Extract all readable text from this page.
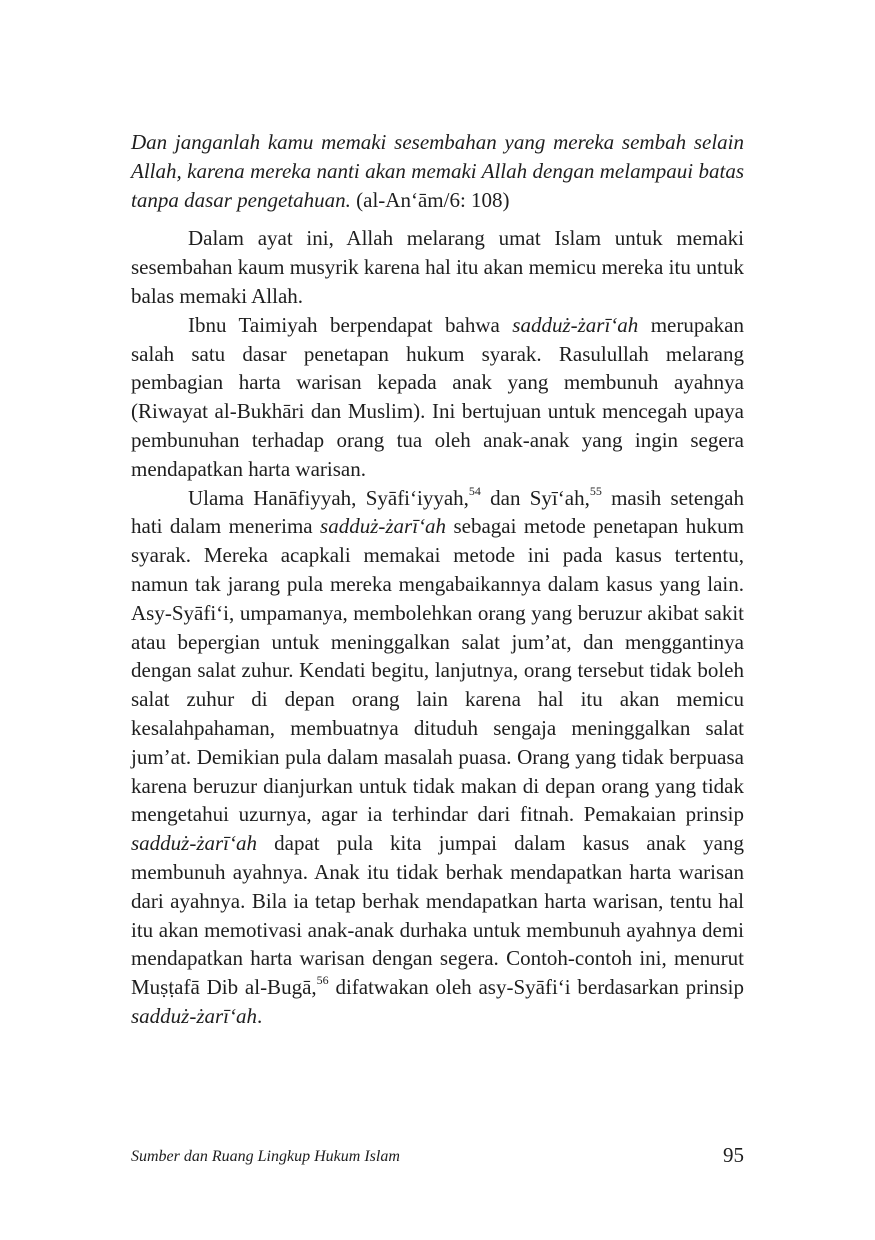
Dan janganlah kamu memaki sesembahan yang mereka sembah selain Allah, karena mereka nanti akan memaki Allah dengan melampaui batas tanpa dasar pengetahuan. (al-An‘ām/6: 108)

Dalam ayat ini, Allah melarang umat Islam untuk memaki sesembahan kaum musyrik karena hal itu akan memicu mereka itu untuk balas memaki Allah.

Ibnu Taimiyah berpendapat bahwa sadduż-żarī‘ah merupakan salah satu dasar penetapan hukum syarak. Rasulullah melarang pembagian harta warisan kepada anak yang membunuh ayahnya (Riwayat al-Bukhāri dan Muslim). Ini bertujuan untuk mencegah upaya pembunuhan terhadap orang tua oleh anak-anak yang ingin segera mendapatkan harta warisan.

Ulama Hanāfiyyah, Syāfi‘iyyah,$^{54}$ dan Syī‘ah,$^{55}$ masih setengah hati dalam menerima sadduż-żarī‘ah sebagai metode penetapan hukum syarak. Mereka acapkali memakai metode ini pada kasus tertentu, namun tak jarang pula mereka mengabaikannya dalam kasus yang lain. Asy-Syāfi‘i, umpamanya, membolehkan orang yang beruzur akibat sakit atau bepergian untuk meninggalkan salat jum’at, dan menggantinya dengan salat zuhur. Kendati begitu, lanjutnya, orang tersebut tidak boleh salat zuhur di depan orang lain karena hal itu akan memicu kesalahpahaman, membuatnya dituduh sengaja meninggalkan salat jum’at. Demikian pula dalam masalah puasa. Orang yang tidak berpuasa karena beruzur dianjurkan untuk tidak makan di depan orang yang tidak mengetahui uzurnya, agar ia terhindar dari fitnah. Pemakaian prinsip sadduż-żarī‘ah dapat pula kita jumpai dalam kasus anak yang membunuh ayahnya. Anak itu tidak berhak mendapatkan harta warisan dari ayahnya. Bila ia tetap berhak mendapatkan harta warisan, tentu hal itu akan memotivasi anak-anak durhaka untuk membunuh ayahnya demi mendapatkan harta warisan dengan segera. Contoh-contoh ini, menurut Muṣṭafā Dib al-Bugā,$^{56}$ difatwakan oleh asy-Syāfi‘i berdasarkan prinsip sadduż-żarī‘ah.

Sumber dan Ruang Lingkup Hukum Islam	95
